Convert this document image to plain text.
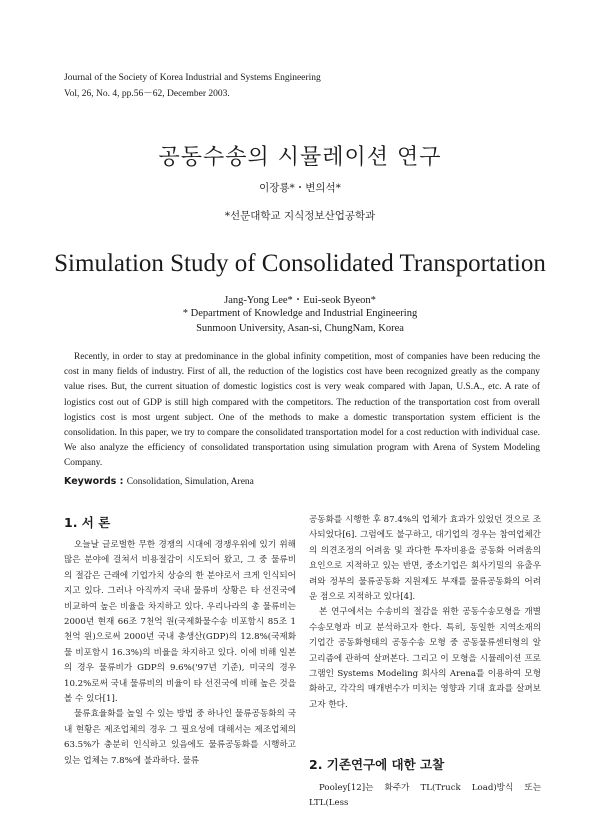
Journal of the Society of Korea Industrial and Systems Engineering
Vol, 26, No. 4, pp.56－62, December 2003.
공동수송의 시뮬레이션 연구
이장룡*・변의석*
*선문대학교 지식정보산업공학과
Simulation Study of Consolidated Transportation
Jang-Yong Lee*・Eui-seok Byeon*
* Department of Knowledge and Industrial Engineering
Sunmoon University, Asan-si, ChungNam, Korea
Recently, in order to stay at predominance in the global infinity competition, most of companies have been reducing the cost in many fields of industry. First of all, the reduction of the logistics cost have been recognized greatly as the company value rises. But, the current situation of domestic logistics cost is very weak compared with Japan, U.S.A., etc. A rate of logistics cost out of GDP is still high compared with the competitors. The reduction of the transportation cost from overall logistics cost is most urgent subject. One of the methods to make a domestic transportation system efficient is the consolidation. In this paper, we try to compare the consolidated transportation model for a cost reduction with individual case. We also analyze the efficiency of consolidated transportation using simulation program with Arena of System Modeling Company.
Keywords : Consolidation, Simulation, Arena
1. 서 론

오늘날 글로벌한 무한 경쟁의 시대에 경쟁우위에 있기 위해 많은 분야에 걸쳐서 비용절감이 시도되어 왔고, 그 중 물류비의 절감은 근래에 기업가치 상승의 한 분야로서 크게 인식되어지고 있다. 그러나 아직까지 국내 물류비 상황은 타 선진국에 비교하여 높은 비율을 차지하고 있다. 우리나라의 총 물류비는 2000년 현재 66조 7천억 원(국제화물수송 비포함시 85조 1천억 원)으로써 2000년 국내 총생산(GDP)의 12.8%(국제화물 비포함시 16.3%)의 비율을 차지하고 있다. 이에 비해 일본의 경우 물류비가 GDP의 9.6%('97년 기준), 미국의 경우 10.2%로써 국내 물류비의 비율이 타 선진국에 비해 높은 것을 볼 수 있다[1].

물류효율화를 높일 수 있는 방법 중 하나인 물류공동화의 국내 현황은 제조업체의 경우 그 필요성에 대해서는 제조업체의 63.5%가 충분히 인식하고 있음에도 물류공동화를 시행하고 있는 업체는 7.8%에 불과하다. 물류

공동화를 시행한 후 87.4%의 업체가 효과가 있었던 것으로 조사되었다[6]. 그럼에도 불구하고, 대기업의 경우는 참여업체간의 의견조정의 어려움 및 과다한 투자비용을 공동화 어려움의 요인으로 지적하고 있는 반면, 중소기업은 회사기밀의 유출우려와 정부의 물류공동화 지원제도 부재를 물류공동화의 어려운 점으로 지적하고 있다[4].

본 연구에서는 수송비의 절감을 위한 공동수송모형을 개별수송모형과 비교 분석하고자 한다. 특히, 동일한 지역소재의 기업간 공동화형태의 공동수송 모형 중 공동물류센터형의 알고리즘에 관하여 살펴본다. 그리고 이 모형을 시뮬레이션 프로그램인 Systems Modeling 회사의 Arena를 이용하여 모형화하고, 각각의 매개변수가 미치는 영향과 기대 효과를 살펴보고자 한다.

2. 기존연구에 대한 고찰

Pooley[12]는 화주가 TL(Truck Load)방식 또는 LTL(Less
